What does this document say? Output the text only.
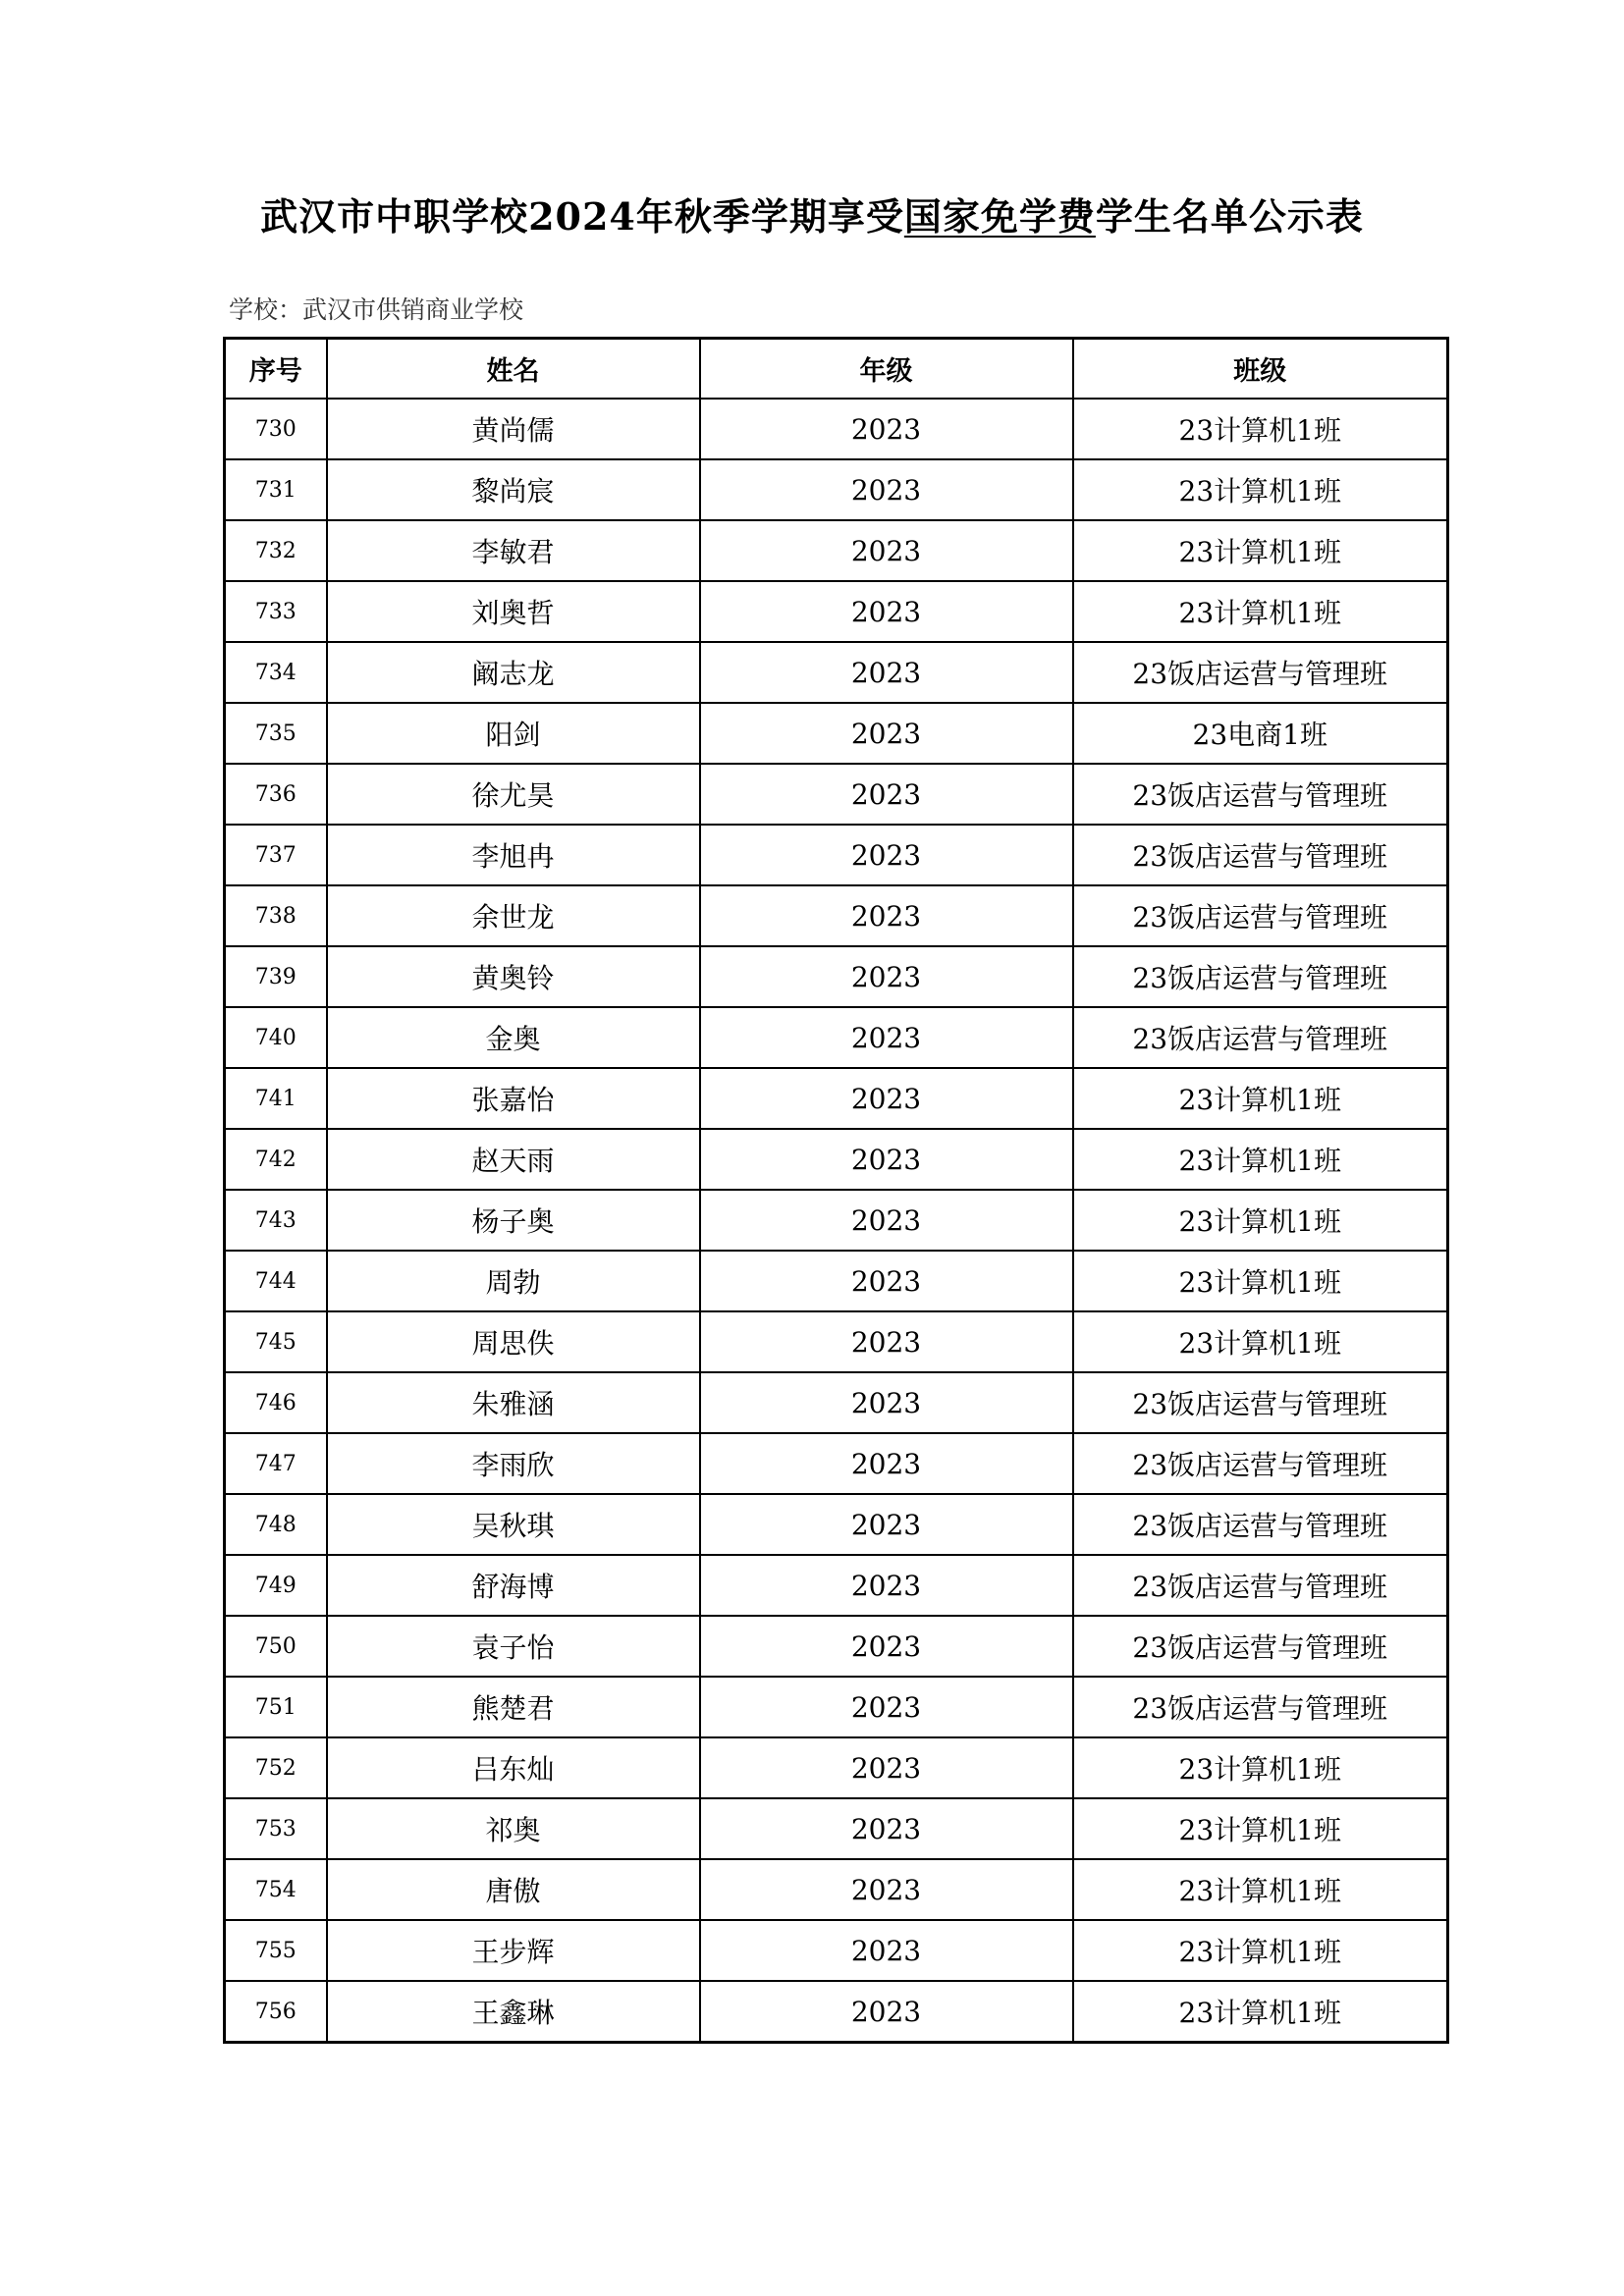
武汉市中职学校2024年秋季学期享受国家免学费学生名单公示表
学校：武汉市供销商业学校
序号	姓名	年级	班级
730	黄尚儒	2023	23计算机1班
731	黎尚宸	2023	23计算机1班
732	李敏君	2023	23计算机1班
733	刘奥哲	2023	23计算机1班
734	阚志龙	2023	23饭店运营与管理班
735	阳剑	2023	23电商1班
736	徐尤昊	2023	23饭店运营与管理班
737	李旭冉	2023	23饭店运营与管理班
738	余世龙	2023	23饭店运营与管理班
739	黄奥铃	2023	23饭店运营与管理班
740	金奥	2023	23饭店运营与管理班
741	张嘉怡	2023	23计算机1班
742	赵天雨	2023	23计算机1班
743	杨子奥	2023	23计算机1班
744	周勃	2023	23计算机1班
745	周思佚	2023	23计算机1班
746	朱雅涵	2023	23饭店运营与管理班
747	李雨欣	2023	23饭店运营与管理班
748	吴秋琪	2023	23饭店运营与管理班
749	舒海博	2023	23饭店运营与管理班
750	袁子怡	2023	23饭店运营与管理班
751	熊楚君	2023	23饭店运营与管理班
752	吕东灿	2023	23计算机1班
753	祁奥	2023	23计算机1班
754	唐傲	2023	23计算机1班
755	王步辉	2023	23计算机1班
756	王鑫琳	2023	23计算机1班
